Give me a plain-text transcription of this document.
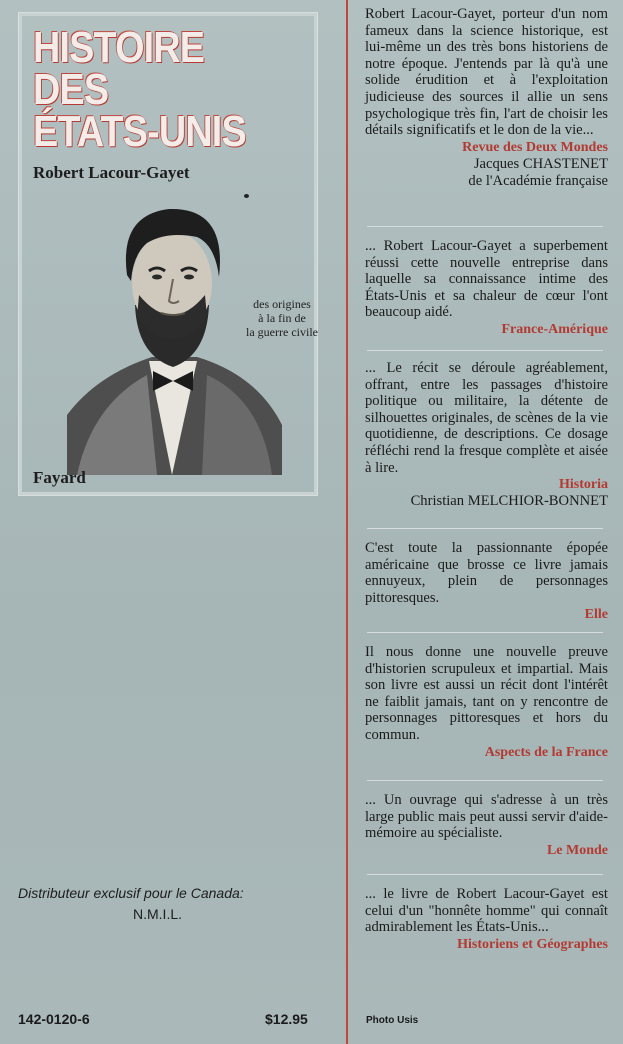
HISTOIRE DES
ÉTATS-UNIS
Robert Lacour-Gayet
des origines
à la fin de
la guerre civile
Fayard

Robert Lacour-Gayet, porteur d'un nom fameux dans la science historique, est lui-même un des très bons historiens de notre époque. J'entends par là qu'à une solide érudition et à l'exploitation judicieuse des sources il allie un sens psychologique très fin, l'art de choisir les détails significatifs et le don de la vie...

Revue des Deux Mondes
Jacques CHASTENET
de l'Académie française

... Robert Lacour-Gayet a superbement réussi cette nouvelle entreprise dans laquelle sa connaissance intime des États-Unis et sa chaleur de cœur l'ont beaucoup aidé.

France-Amérique

... Le récit se déroule agréablement, offrant, entre les passages d'histoire politique ou militaire, la détente de silhouettes originales, de scènes de la vie quotidienne, de descriptions. Ce dosage réfléchi rend la fresque complète et aisée à lire.

Historia
Christian MELCHIOR-BONNET

C'est toute la passionnante épopée américaine que brosse ce livre jamais ennuyeux, plein de personnages pittoresques.

Elle

Il nous donne une nouvelle preuve d'historien scrupuleux et impartial. Mais son livre est aussi un récit dont l'intérêt ne faiblit jamais, tant on y rencontre de personnages pittoresques et hors du commun.

Aspects de la France

... Un ouvrage qui s'adresse à un très large public mais peut aussi servir d'aide-mémoire au spécialiste.

Le Monde

... le livre de Robert Lacour-Gayet est celui d'un "honnête homme" qui connaît admirablement les États-Unis...

Historiens et Géographes
Distributeur exclusif pour le Canada:
N.M.I.L.
142-0120-6	$12.95	Photo Usis
